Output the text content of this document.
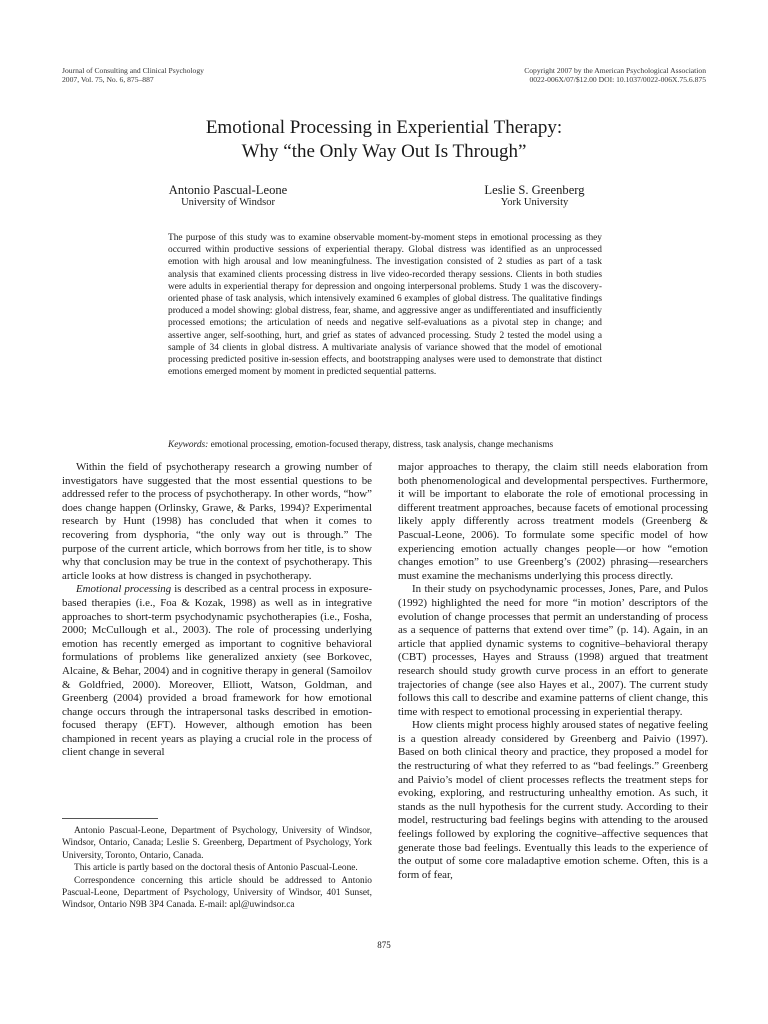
Journal of Consulting and Clinical Psychology
2007, Vol. 75, No. 6, 875–887
Copyright 2007 by the American Psychological Association
0022-006X/07/$12.00 DOI: 10.1037/0022-006X.75.6.875
Emotional Processing in Experiential Therapy:
Why “the Only Way Out Is Through”
Antonio Pascual-Leone
University of Windsor
Leslie S. Greenberg
York University
The purpose of this study was to examine observable moment-by-moment steps in emotional processing as they occurred within productive sessions of experiential therapy. Global distress was identified as an unprocessed emotion with high arousal and low meaningfulness. The investigation consisted of 2 studies as part of a task analysis that examined clients processing distress in live video-recorded therapy sessions. Clients in both studies were adults in experiential therapy for depression and ongoing interpersonal problems. Study 1 was the discovery-oriented phase of task analysis, which intensively examined 6 examples of global distress. The qualitative findings produced a model showing: global distress, fear, shame, and aggressive anger as undifferentiated and insufficiently processed emotions; the articulation of needs and negative self-evaluations as a pivotal step in change; and assertive anger, self-soothing, hurt, and grief as states of advanced processing. Study 2 tested the model using a sample of 34 clients in global distress. A multivariate analysis of variance showed that the model of emotional processing predicted positive in-session effects, and bootstrapping analyses were used to demonstrate that distinct emotions emerged moment by moment in predicted sequential patterns.
Keywords: emotional processing, emotion-focused therapy, distress, task analysis, change mechanisms

Within the field of psychotherapy research a growing number of investigators have suggested that the most essential questions to be addressed refer to the process of psychotherapy. In other words, “how” does change happen (Orlinsky, Grawe, & Parks, 1994)? Experimental research by Hunt (1998) has concluded that when it comes to recovering from dysphoria, “the only way out is through.” The purpose of the current article, which borrows from her title, is to show why that conclusion may be true in the context of psychotherapy. This article looks at how distress is changed in psychotherapy.

Emotional processing is described as a central process in exposure-based therapies (i.e., Foa & Kozak, 1998) as well as in integrative approaches to short-term psychodynamic psychotherapies (i.e., Fosha, 2000; McCullough et al., 2003). The role of processing underlying emotion has recently emerged as important to cognitive behavioral formulations of problems like generalized anxiety (see Borkovec, Alcaine, & Behar, 2004) and in cognitive therapy in general (Samoilov & Goldfried, 2000). Moreover, Elliott, Watson, Goldman, and Greenberg (2004) provided a broad framework for how emotional change occurs through the intrapersonal tasks described in emotion-focused therapy (EFT). However, although emotion has been championed in recent years as playing a crucial role in the process of client change in several

major approaches to therapy, the claim still needs elaboration from both phenomenological and developmental perspectives. Furthermore, it will be important to elaborate the role of emotional processing in different treatment approaches, because facets of emotional processing likely apply differently across treatment models (Greenberg & Pascual-Leone, 2006). To formulate some specific model of how experiencing emotion actually changes people—or how “emotion changes emotion” to use Greenberg’s (2002) phrasing—researchers must examine the mechanisms underlying this process directly.

In their study on psychodynamic processes, Jones, Pare, and Pulos (1992) highlighted the need for more “in motion’ descriptors of the evolution of change processes that permit an understanding of process as a sequence of patterns that extend over time” (p. 14). Again, in an article that applied dynamic systems to cognitive–behavioral therapy (CBT) processes, Hayes and Strauss (1998) argued that treatment research should study growth curve process in an effort to generate trajectories of change (see also Hayes et al., 2007). The current study follows this call to describe and examine patterns of client change, this time with respect to emotional processing in experiential therapy.

How clients might process highly aroused states of negative feeling is a question already considered by Greenberg and Paivio (1997). Based on both clinical theory and practice, they proposed a model for the restructuring of what they referred to as “bad feelings.” Greenberg and Paivio’s model of client processes reflects the treatment steps for evoking, exploring, and restructuring unhealthy emotion. As such, it stands as the null hypothesis for the current study. According to their model, restructuring bad feelings begins with attending to the aroused feelings followed by exploring the cognitive–affective sequences that generate those bad feelings. Eventually this leads to the experience of the output of some core maladaptive emotion scheme. Often, this is a form of fear,

Antonio Pascual-Leone, Department of Psychology, University of Windsor, Windsor, Ontario, Canada; Leslie S. Greenberg, Department of Psychology, York University, Toronto, Ontario, Canada.

This article is partly based on the doctoral thesis of Antonio Pascual-Leone.

Correspondence concerning this article should be addressed to Antonio Pascual-Leone, Department of Psychology, University of Windsor, 401 Sunset, Windsor, Ontario N9B 3P4 Canada. E-mail: apl@uwindsor.ca

875
